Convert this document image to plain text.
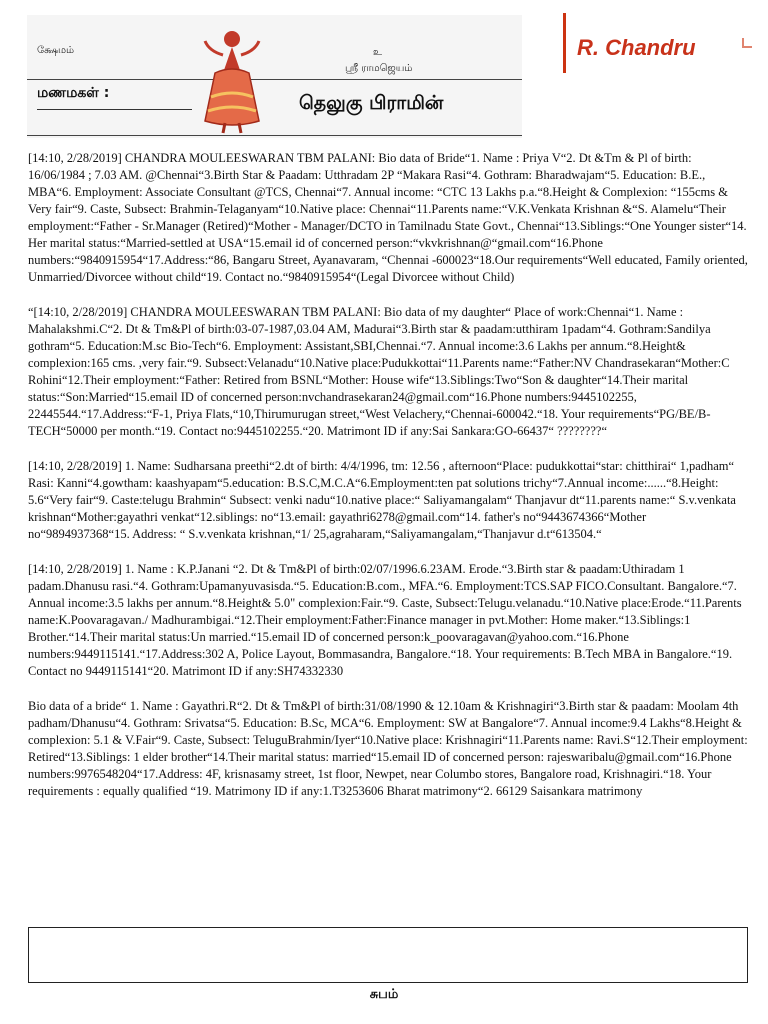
க்ஷேமம்	உ
ஸ்ரீ ராமஜெயம்
மணமகள் :	தெலுகு பிராமின்
R. Chandru

[14:10, 2/28/2019] CHANDRA MOULEESWARAN TBM PALANI: Bio data of Bride“1. Name : Priya V“2. Dt &Tm & Pl of birth: 16/06/1984 ; 7.03 AM. @Chennai“3.Birth Star & Paadam: Utthradam 2P “Makara Rasi“4. Gothram: Bharadwajam“5. Education: B.E., MBA“6. Employment: Associate Consultant @TCS, Chennai“7. Annual income: “CTC 13 Lakhs p.a.“8.Height & Complexion: “155cms & Very fair“9. Caste, Subsect: Brahmin-Telaganyam“10.Native place: Chennai“11.Parents name:“V.K.Venkata Krishnan &“S. Alamelu“Their employment:“Father - Sr.Manager (Retired)“Mother - Manager/DCTO in Tamilnadu State Govt., Chennai“13.Siblings:“One Younger sister“14. Her marital status:“Married-settled at USA“15.email id of concerned person:“vkvkrishnan@“gmail.com“16.Phone numbers:“9840915954“17.Address:“86, Bangaru Street, Ayanavaram, “Chennai -600023“18.Our requirements“Well educated, Family oriented, Unmarried/Divorcee without child“19. Contact no.“9840915954“(Legal Divorcee without Child)

“[14:10, 2/28/2019] CHANDRA MOULEESWARAN TBM PALANI: Bio data of my daughter“ Place of work:Chennai“1. Name : Mahalakshmi.C“2. Dt & Tm&Pl of birth:03-07-1987,03.04 AM, Madurai“3.Birth star & paadam:utthiram 1padam“4. Gothram:Sandilya gothram“5. Education:M.sc Bio-Tech“6. Employment: Assistant,SBI,Chennai.“7. Annual income:3.6 Lakhs per annum.“8.Height& complexion:165 cms. ,very fair.“9. Subsect:Velanadu“10.Native place:Pudukkottai“11.Parents name:“Father:NV Chandrasekaran“Mother:C Rohini“12.Their employment:“Father: Retired from BSNL“Mother: House wife“13.Siblings:Two“Son & daughter“14.Their marital status:“Son:Married“15.email ID of concerned person:nvchandrasekaran24@gmail.com“16.Phone numbers:9445102255, 22445544.“17.Address:“F-1, Priya Flats,“10,Thirumurugan street,“West Velachery,“Chennai-600042.“18. Your requirements“PG/BE/B-TECH“50000 per month.“19. Contact no:9445102255.“20. Matrimont ID if any:Sai Sankara:GO-66437“ ????????“

[14:10, 2/28/2019] 1. Name: Sudharsana preethi“2.dt of birth: 4/4/1996, tm: 12.56 , afternoon“Place: pudukkottai“star: chitthirai“ 1,padham“ Rasi: Kanni“4.gowtham: kaashyapam“5.education: B.S.C,M.C.A“6.Employment:ten pat solutions trichy“7.Annual income:......“8.Height: 5.6“Very fair“9. Caste:telugu Brahmin“ Subsect: venki nadu“10.native place:“ Saliyamangalam“ Thanjavur dt“11.parents name:“ S.v.venkata krishnan“Mother:gayathri venkat“12.siblings: no“13.email: gayathri6278@gmail.com“14. father's no“9443674366“Mother no“9894937368“15. Address: “ S.v.venkata krishnan,“1/ 25,agraharam,“Saliyamangalam,“Thanjavur d.t“613504.“

[14:10, 2/28/2019] 1. Name : K.P.Janani “2. Dt & Tm&Pl of birth:02/07/1996.6.23AM. Erode.“3.Birth star & paadam:Uthiradam 1 padam.Dhanusu rasi.“4. Gothram:Upamanyuvasisda.“5. Education:B.com., MFA.“6. Employment:TCS.SAP FICO.Consultant. Bangalore.“7. Annual income:3.5 lakhs per annum.“8.Height& 5.0" complexion:Fair.“9. Caste, Subsect:Telugu.velanadu.“10.Native place:Erode.“11.Parents name:K.Poovaragavan./ Madhurambigai.“12.Their employment:Father:Finance manager in pvt.Mother: Home maker.“13.Siblings:1 Brother.“14.Their marital status:Un married.“15.email ID of concerned person:k_poovaragavan@yahoo.com.“16.Phone numbers:9449115141.“17.Address:302 A, Police Layout, Bommasandra, Bangalore.“18. Your requirements: B.Tech MBA in Bangalore.“19. Contact no 9449115141“20. Matrimont ID if any:SH74332330

Bio data of a bride“ 1. Name : Gayathri.R“2. Dt & Tm&Pl of birth:31/08/1990 & 12.10am & Krishnagiri“3.Birth star & paadam: Moolam 4th padham/Dhanusu“4. Gothram: Srivatsa“5. Education: B.Sc, MCA“6. Employment: SW at Bangalore“7. Annual income:9.4 Lakhs“8.Height & complexion: 5.1 & V.Fair“9. Caste, Subsect: TeluguBrahmin/Iyer“10.Native place: Krishnagiri“11.Parents name: Ravi.S“12.Their employment: Retired“13.Siblings: 1 elder brother“14.Their marital status: married“15.email ID of concerned person: rajeswaribalu@gmail.com“16.Phone numbers:9976548204“17.Address: 4F, krisnasamy street, 1st floor, Newpet, near Columbo stores, Bangalore road, Krishnagiri.“18. Your requirements : equally qualified “19. Matrimony ID if any:1.T3253606 Bharat matrimony“2. 66129 Saisankara matrimony

சுபம்
